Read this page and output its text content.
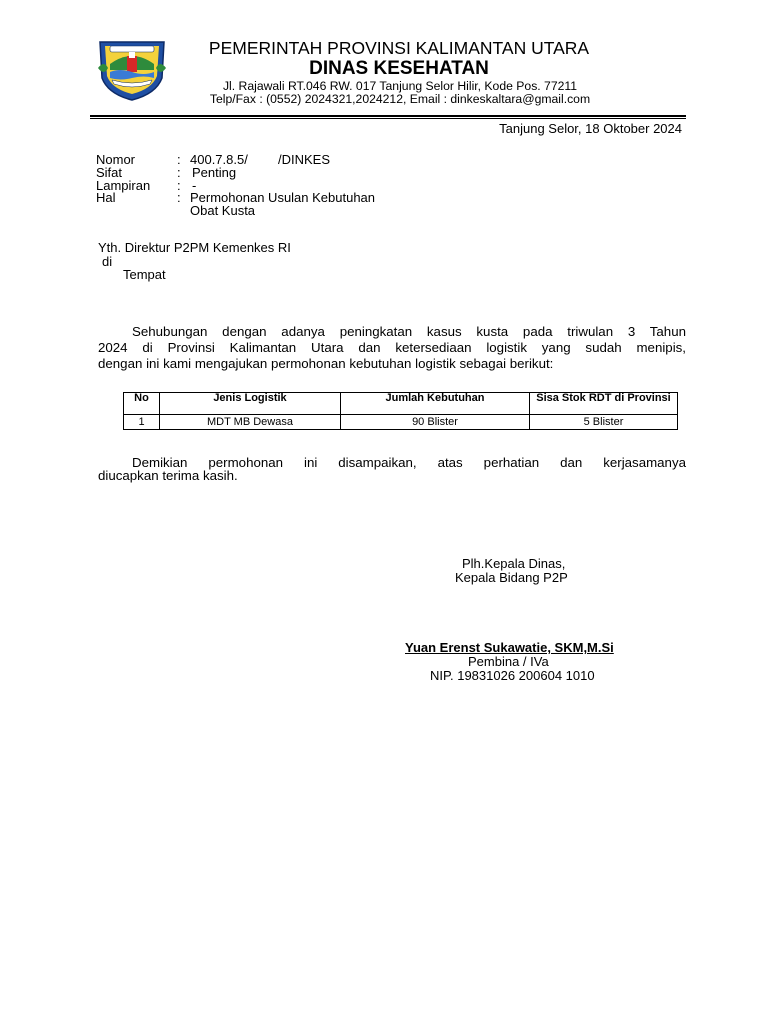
PEMERINTAH PROVINSI KALIMANTAN UTARA
DINAS KESEHATAN
Jl. Rajawali RT.046 RW. 017 Tanjung Selor Hilir, Kode Pos. 77211
Telp/Fax : (0552) 2024321,2024212, Email : dinkeskaltara@gmail.com
Tanjung Selor, 18 Oktober 2024
Nomor	: 400.7.8.5/ /DINKES
Sifat	: Penting
Lampiran : -
Hal	: Permohonan Usulan Kebutuhan
Obat Kusta
Yth. Direktur P2PM Kemenkes RI
di
Tempat
Sehubungan dengan adanya peningkatan kasus kusta pada triwulan 3 Tahun
2024 di Provinsi Kalimantan Utara dan ketersediaan logistik yang sudah menipis,
dengan ini kami mengajukan permohonan kebutuhan logistik sebagai berikut:
No	Jenis Logistik	Jumlah Kebutuhan	Sisa Stok RDT di Provinsi
1	MDT MB Dewasa	90 Blister	5 Blister
Demikian permohonan ini disampaikan, atas perhatian dan kerjasamanya
diucapkan terima kasih.
Plh.Kepala Dinas,
Kepala Bidang P2P
Yuan Erenst Sukawatie, SKM,M.Si
Pembina / IVa
NIP. 19831026 200604 1010
